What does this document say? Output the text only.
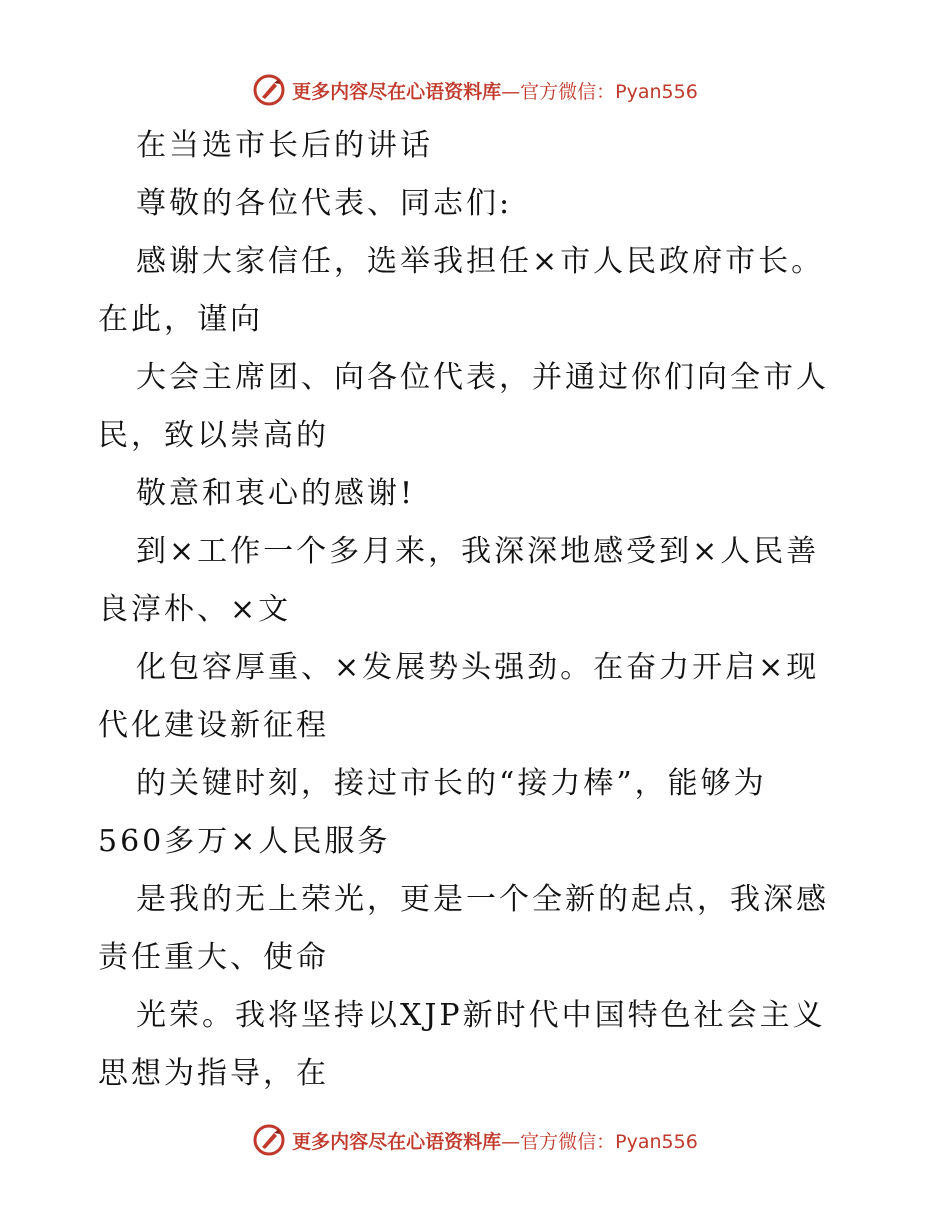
更多内容尽在心语资料库 —官方微信：Pyan556
在当选市长后的讲话
尊敬的各位代表、同志们:
感谢大家信任，选举我担任×市人民政府市长。
在此，谨向
大会主席团、向各位代表，并通过你们向全市人
民，致以崇高的
敬意和衷心的感谢!
到×工作一个多月来，我深深地感受到×人民善
良淳朴、×文
化包容厚重、×发展势头强劲。在奋力开启×现
代化建设新征程
的关键时刻，接过市长的“接力棒”，能够为
560多万×人民服务
是我的无上荣光，更是一个全新的起点，我深感
责任重大、使命
光荣。我将坚持以XJP新时代中国特色社会主义
思想为指导，在
更多内容尽在心语资料库 —官方微信：Pyan556
